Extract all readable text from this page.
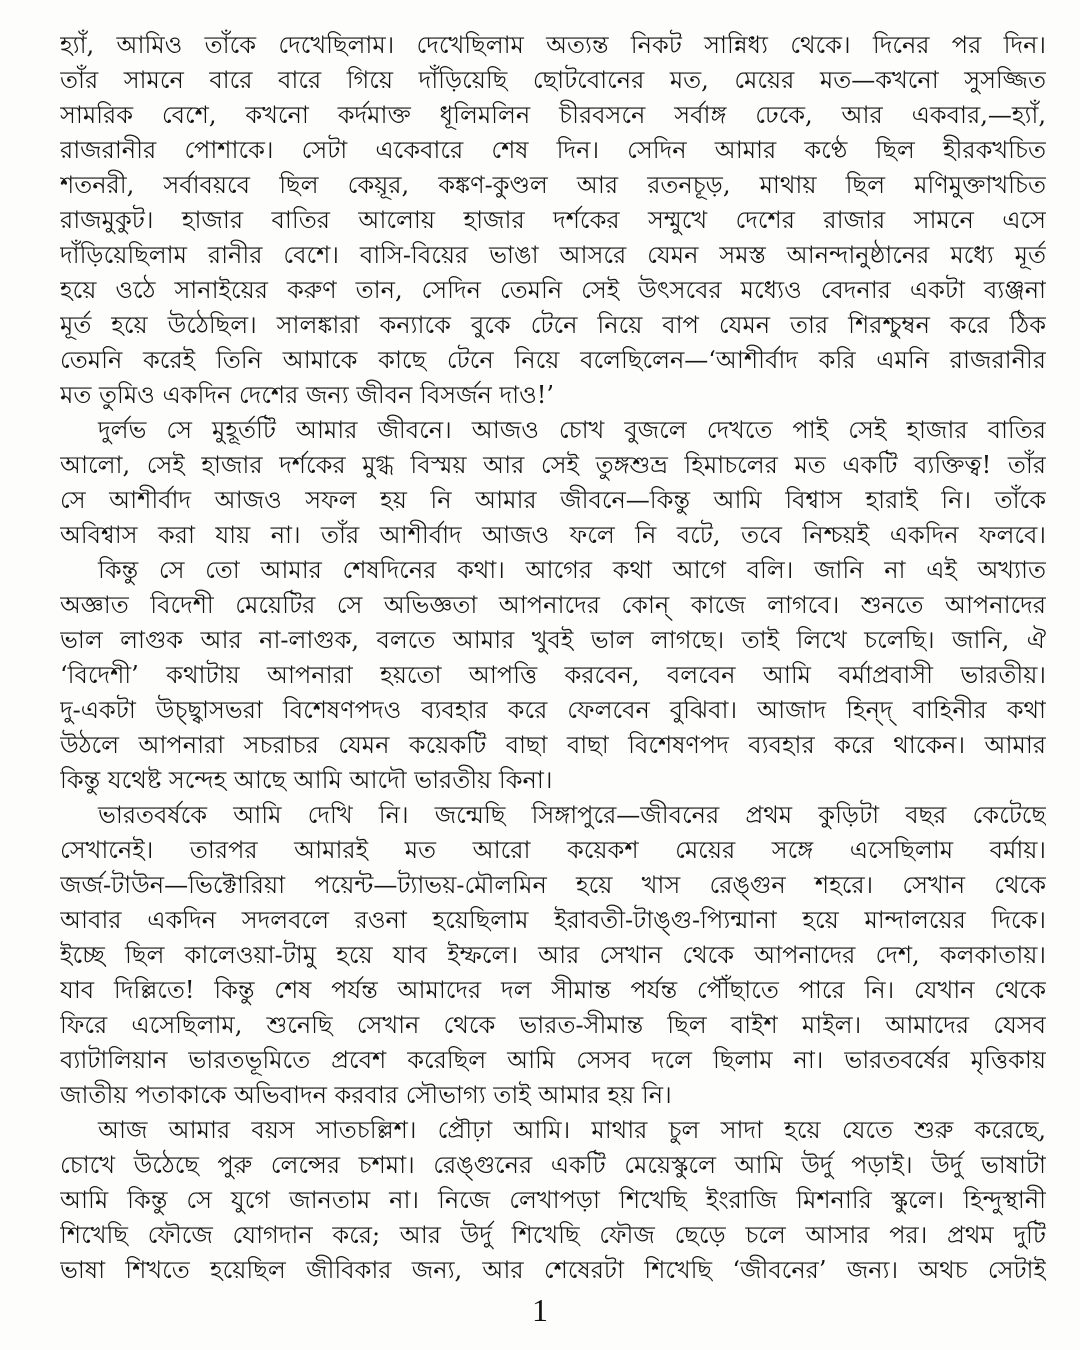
হ্যাঁ, আমিও তাঁকে দেখেছিলাম। দেখেছিলাম অত্যন্ত নিকট সান্নিধ্য থেকে। দিনের পর দিন।
তাঁর সামনে বারে বারে গিয়ে দাঁড়িয়েছি ছোটবোনের মত, মেয়ের মত—কখনো সুসজ্জিত
সামরিক বেশে, কখনো কর্দমাক্ত ধূলিমলিন চীরবসনে সর্বাঙ্গ ঢেকে, আর একবার,—হ্যাঁ,
রাজরানীর পোশাকে। সেটা একেবারে শেষ দিন। সেদিন আমার কণ্ঠে ছিল হীরকখচিত
শতনরী, সর্বাবয়বে ছিল কেয়ূর, কঙ্কণ-কুণ্ডল আর রতনচূড়, মাথায় ছিল মণিমুক্তাখচিত
রাজমুকুট। হাজার বাতির আলোয় হাজার দর্শকের সম্মুখে দেশের রাজার সামনে এসে
দাঁড়িয়েছিলাম রানীর বেশে। বাসি-বিয়ের ভাঙা আসরে যেমন সমস্ত আনন্দানুষ্ঠানের মধ্যে মূর্ত
হয়ে ওঠে সানাইয়ের করুণ তান, সেদিন তেমনি সেই উৎসবের মধ্যেও বেদনার একটা ব্যঞ্জনা
মূর্ত হয়ে উঠেছিল। সালঙ্কারা কন্যাকে বুকে টেনে নিয়ে বাপ যেমন তার শিরশ্চুম্বন করে ঠিক
তেমনি করেই তিনি আমাকে কাছে টেনে নিয়ে বলেছিলেন—‘আশীর্বাদ করি এমনি রাজরানীর
মত তুমিও একদিন দেশের জন্য জীবন বিসর্জন দাও!’
দুর্লভ সে মুহূর্তটি আমার জীবনে। আজও চোখ বুজলে দেখতে পাই সেই হাজার বাতির
আলো, সেই হাজার দর্শকের মুগ্ধ বিস্ময় আর সেই তুঙ্গশুভ্র হিমাচলের মত একটি ব্যক্তিত্ব! তাঁর
সে আশীর্বাদ আজও সফল হয় নি আমার জীবনে—কিন্তু আমি বিশ্বাস হারাই নি। তাঁকে
অবিশ্বাস করা যায় না। তাঁর আশীর্বাদ আজও ফলে নি বটে, তবে নিশ্চয়ই একদিন ফলবে।
কিন্তু সে তো আমার শেষদিনের কথা। আগের কথা আগে বলি। জানি না এই অখ্যাত
অজ্ঞাত বিদেশী মেয়েটির সে অভিজ্ঞতা আপনাদের কোন্ কাজে লাগবে। শুনতে আপনাদের
ভাল লাগুক আর না-লাগুক, বলতে আমার খুবই ভাল লাগছে। তাই লিখে চলেছি। জানি, ঐ
‘বিদেশী’ কথাটায় আপনারা হয়তো আপত্তি করবেন, বলবেন আমি বর্মাপ্রবাসী ভারতীয়।
দু-একটা উচ্ছ্বাসভরা বিশেষণপদও ব্যবহার করে ফেলবেন বুঝিবা। আজাদ হিন্দ্ বাহিনীর কথা
উঠলে আপনারা সচরাচর যেমন কয়েকটি বাছা বাছা বিশেষণপদ ব্যবহার করে থাকেন। আমার
কিন্তু যথেষ্ট সন্দেহ আছে আমি আদৌ ভারতীয় কিনা।
ভারতবর্ষকে আমি দেখি নি। জন্মেছি সিঙ্গাপুরে—জীবনের প্রথম কুড়িটা বছর কেটেছে
সেখানেই। তারপর আমারই মত আরো কয়েকশ মেয়ের সঙ্গে এসেছিলাম বর্মায়।
জর্জ-টাউন—ভিক্টোরিয়া পয়েন্ট—ট্যাভয়-মৌলমিন হয়ে খাস রেঙ্গুন শহরে। সেখান থেকে
আবার একদিন সদলবলে রওনা হয়েছিলাম ইরাবতী-টাঙ্গু-প্যিন্মানা হয়ে মান্দালয়ের দিকে।
ইচ্ছে ছিল কালেওয়া-টামু হয়ে যাব ইম্ফলে। আর সেখান থেকে আপনাদের দেশ, কলকাতায়।
যাব দিল্লিতে! কিন্তু শেষ পর্যন্ত আমাদের দল সীমান্ত পর্যন্ত পৌঁছাতে পারে নি। যেখান থেকে
ফিরে এসেছিলাম, শুনেছি সেখান থেকে ভারত-সীমান্ত ছিল বাইশ মাইল। আমাদের যেসব
ব্যাটালিয়ান ভারতভূমিতে প্রবেশ করেছিল আমি সেসব দলে ছিলাম না। ভারতবর্ষের মৃত্তিকায়
জাতীয় পতাকাকে অভিবাদন করবার সৌভাগ্য তাই আমার হয় নি।
আজ আমার বয়স সাতচল্লিশ। প্রৌঢ়া আমি। মাথার চুল সাদা হয়ে যেতে শুরু করেছে,
চোখে উঠেছে পুরু লেন্সের চশমা। রেঙ্গুনের একটি মেয়েস্কুলে আমি উর্দু পড়াই। উর্দু ভাষাটা
আমি কিন্তু সে যুগে জানতাম না। নিজে লেখাপড়া শিখেছি ইংরাজি মিশনারি স্কুলে। হিন্দুস্থানী
শিখেছি ফৌজে যোগদান করে; আর উর্দু শিখেছি ফৌজ ছেড়ে চলে আসার পর। প্রথম দুটি
ভাষা শিখতে হয়েছিল জীবিকার জন্য, আর শেষেরটা শিখেছি ‘জীবনের’ জন্য। অথচ সেটাই
1
